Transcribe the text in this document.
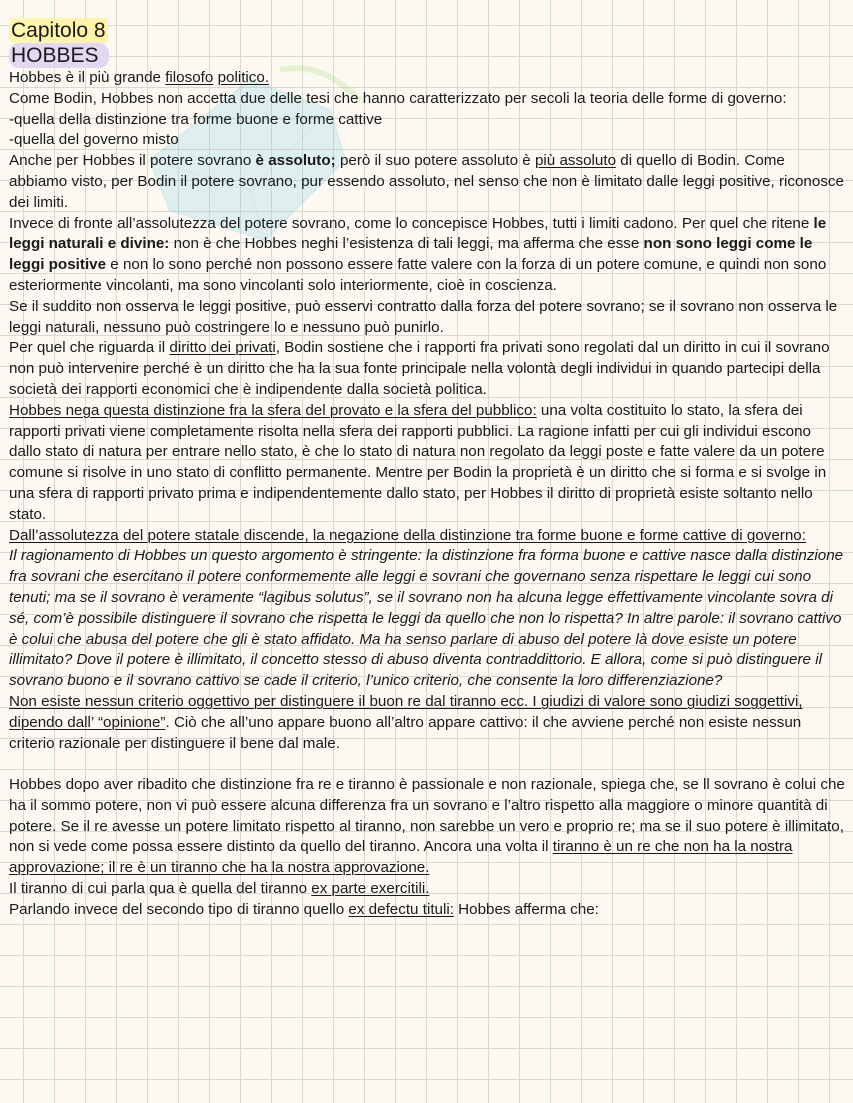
Capitolo 8
HOBBES

Hobbes è il più grande filosofo politico.

Come Bodin, Hobbes non accetta due delle tesi che hanno caratterizzato per secoli la teoria delle forme di governo:

-quella della distinzione tra forme buone e forme cattive

-quella del governo misto

Anche per Hobbes il potere sovrano è assoluto; però il suo potere assoluto è più assoluto di quello di Bodin. Come abbiamo visto, per Bodin il potere sovrano, pur essendo assoluto, nel senso che non è limitato dalle leggi positive, riconosce dei limiti.

Invece di fronte all’assolutezza del potere sovrano, come lo concepisce Hobbes, tutti i limiti cadono. Per quel che ritene le leggi naturali e divine: non è che Hobbes neghi l’esistenza di tali leggi, ma afferma che esse non sono leggi come le leggi positive e non lo sono perché non possono essere fatte valere con la forza di un potere comune, e quindi non sono esteriormente vincolanti, ma sono vincolanti solo interiormente, cioè in coscienza.

Se il suddito non osserva le leggi positive, può esservi contratto dalla forza del potere sovrano; se il sovrano non osserva le leggi naturali, nessuno può costringere lo e nessuno può punirlo.

Per quel che riguarda il diritto dei privati, Bodin sostiene che i rapporti fra privati sono regolati dal un diritto in cui il sovrano non può intervenire perché è un diritto che ha la sua fonte principale nella volontà degli individui in quando partecipi della società dei rapporti economici che è indipendente dalla società politica.

Hobbes nega questa distinzione fra la sfera del provato e la sfera del pubblico: una volta costituito lo stato, la sfera dei rapporti privati viene completamente risolta nella sfera dei rapporti pubblici. La ragione infatti per cui gli individui escono dallo stato di natura per entrare nello stato, è che lo stato di natura non regolato da leggi poste e fatte valere da un potere comune si risolve in uno stato di conflitto permanente. Mentre per Bodin la proprietà è un diritto che si forma e si svolge in una sfera di rapporti privato prima e indipendentemente dallo stato, per Hobbes il diritto di proprietà esiste soltanto nello stato.

Dall’assolutezza del potere statale discende, la negazione della distinzione tra forme buone e forme cattive di governo:

Il ragionamento di Hobbes un questo argomento è stringente: la distinzione fra forma buone e cattive nasce dalla distinzione fra sovrani che esercitano il potere conformemente alle leggi e sovrani che governano senza rispettare le leggi cui sono tenuti; ma se il sovrano è veramente “lagibus solutus”, se il sovrano non ha alcuna legge effettivamente vincolante sovra di sé, com’è possibile distinguere il sovrano che rispetta le leggi da quello che non lo rispetta? In altre parole: il sovrano cattivo è colui che abusa del potere che gli è stato affidato. Ma ha senso parlare di abuso del potere là dove esiste un potere illimitato? Dove il potere è illimitato, il concetto stesso di abuso diventa contraddittorio. E allora, come si può distinguere il sovrano buono e il sovrano cattivo se cade il criterio, l’unico criterio, che consente la loro differenziazione?

Non esiste nessun criterio oggettivo per distinguere il buon re dal tiranno ecc. I giudizi di valore sono giudizi soggettivi, dipendo dall’ “opinione”. Ciò che all’uno appare buono all’altro appare cattivo: il che avviene perché non esiste nessun criterio razionale per distinguere il bene dal male.

Hobbes dopo aver ribadito che distinzione fra re e tiranno è passionale e non razionale, spiega che, se ll sovrano è colui che ha il sommo potere, non vi può essere alcuna differenza fra un sovrano e l’altro rispetto alla maggiore o minore quantità di potere. Se il re avesse un potere limitato rispetto al tiranno, non sarebbe un vero e proprio re; ma se il suo potere è illimitato, non si vede come possa essere distinto da quello del tiranno. Ancora una volta il tiranno è un re che non ha la nostra approvazione; il re è un tiranno che ha la nostra approvazione.

Il tiranno di cui parla qua è quella del tiranno ex parte exercitili.

Parlando invece del secondo tipo di tiranno quello ex defectu tituli: Hobbes afferma che:
